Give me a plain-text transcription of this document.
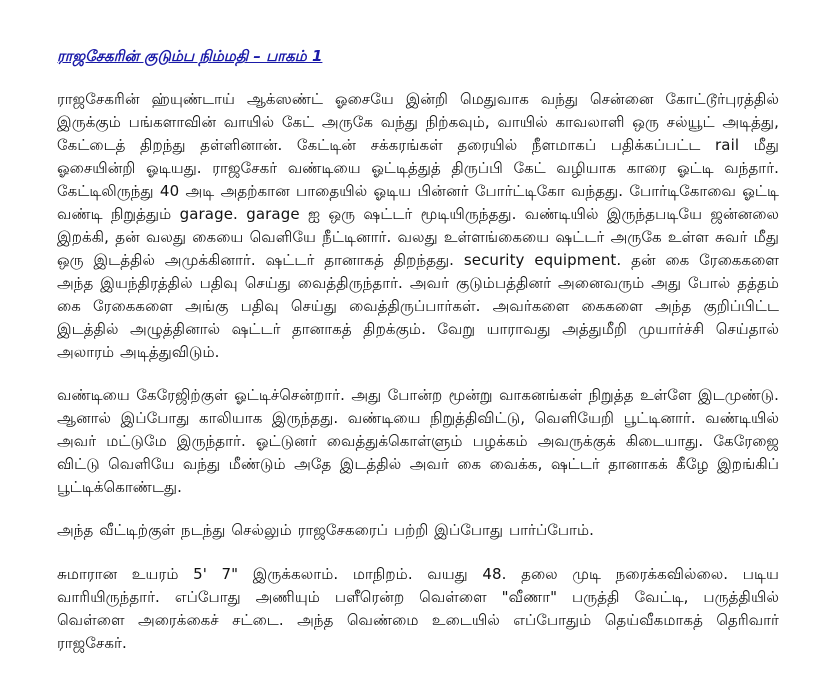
ராஜசேகரின் குடும்ப நிம்மதி – பாகம் 1

ராஜசேகரின் ஹ்யுண்டாய் ஆக்ஸண்ட் ஓசையே இன்றி மெதுவாக வந்து சென்னை கோட்டூர்புரத்தில் இருக்கும் பங்களாவின் வாயில் கேட் அருகே வந்து நிற்கவும், வாயில் காவலாளி ஒரு சல்யூட் அடித்து, கேட்டைத் திறந்து தள்ளினான். கேட்டின் சக்கரங்கள் தரையில் நீளமாகப் பதிக்கப்பட்ட rail மீது ஓசையின்றி ஓடியது. ராஜசேகர் வண்டியை ஓட்டித்துத் திருப்பி கேட் வழியாக காரை ஓட்டி வந்தார். கேட்டிலிருந்து 40 அடி அதற்கான பாதையில் ஓடிய பின்னர் போர்ட்டிகோ வந்தது. போர்டிகோவை ஓட்டி வண்டி நிறுத்தும் garage. garage ஐ ஒரு ஷட்டர் மூடியிருந்தது. வண்டியில் இருந்தபடியே ஜன்னலை இறக்கி, தன் வலது கையை வெளியே நீட்டினார். வலது உள்ளங்கையை ஷட்டர் அருகே உள்ள சுவர் மீது ஒரு இடத்தில் அமுக்கினார். ஷட்டர் தானாகத் திறந்தது. security equipment. தன் கை ரேகைகளை அந்த இயந்திரத்தில் பதிவு செய்து வைத்திருந்தார். அவர் குடும்பத்தினர் அனைவரும் அது போல் தத்தம் கை ரேகைகளை அங்கு பதிவு செய்து வைத்திருப்பார்கள். அவர்களை கைகளை அந்த குறிப்பிட்ட இடத்தில் அழுத்தினால் ஷட்டர் தானாகத் திறக்கும். வேறு யாராவது அத்துமீறி முயார்ச்சி செய்தால் அலாரம் அடித்துவிடும்.

வண்டியை கேரேஜிற்குள் ஓட்டிச்சென்றார். அது போன்ற மூன்று வாகனங்கள் நிறுத்த உள்ளே இடமுண்டு. ஆனால் இப்போது காலியாக இருந்தது. வண்டியை நிறுத்திவிட்டு, வெளியேறி பூட்டினார். வண்டியில் அவர் மட்டுமே இருந்தார். ஓட்டுனர் வைத்துக்கொள்ளும் பழக்கம் அவருக்குக் கிடையாது. கேரேஜை விட்டு வெளியே வந்து மீண்டும் அதே இடத்தில் அவர் கை வைக்க, ஷட்டர் தானாகக் கீழே இறங்கிப் பூட்டிக்கொண்டது.

அந்த வீட்டிற்குள் நடந்து செல்லும் ராஜசேகரைப் பற்றி இப்போது பார்ப்போம்.

சுமாரான உயரம் 5' 7" இருக்கலாம். மாநிறம். வயது 48. தலை முடி நரைக்கவில்லை. படிய வாரியிருந்தார். எப்போது அணியும் பளீரென்ற வெள்ளை "வீணா" பருத்தி வேட்டி, பருத்தியில் வெள்ளை அரைக்கைச் சட்டை. அந்த வெண்மை உடையில் எப்போதும் தெய்வீகமாகத் தெரிவார் ராஜசேகர்.
